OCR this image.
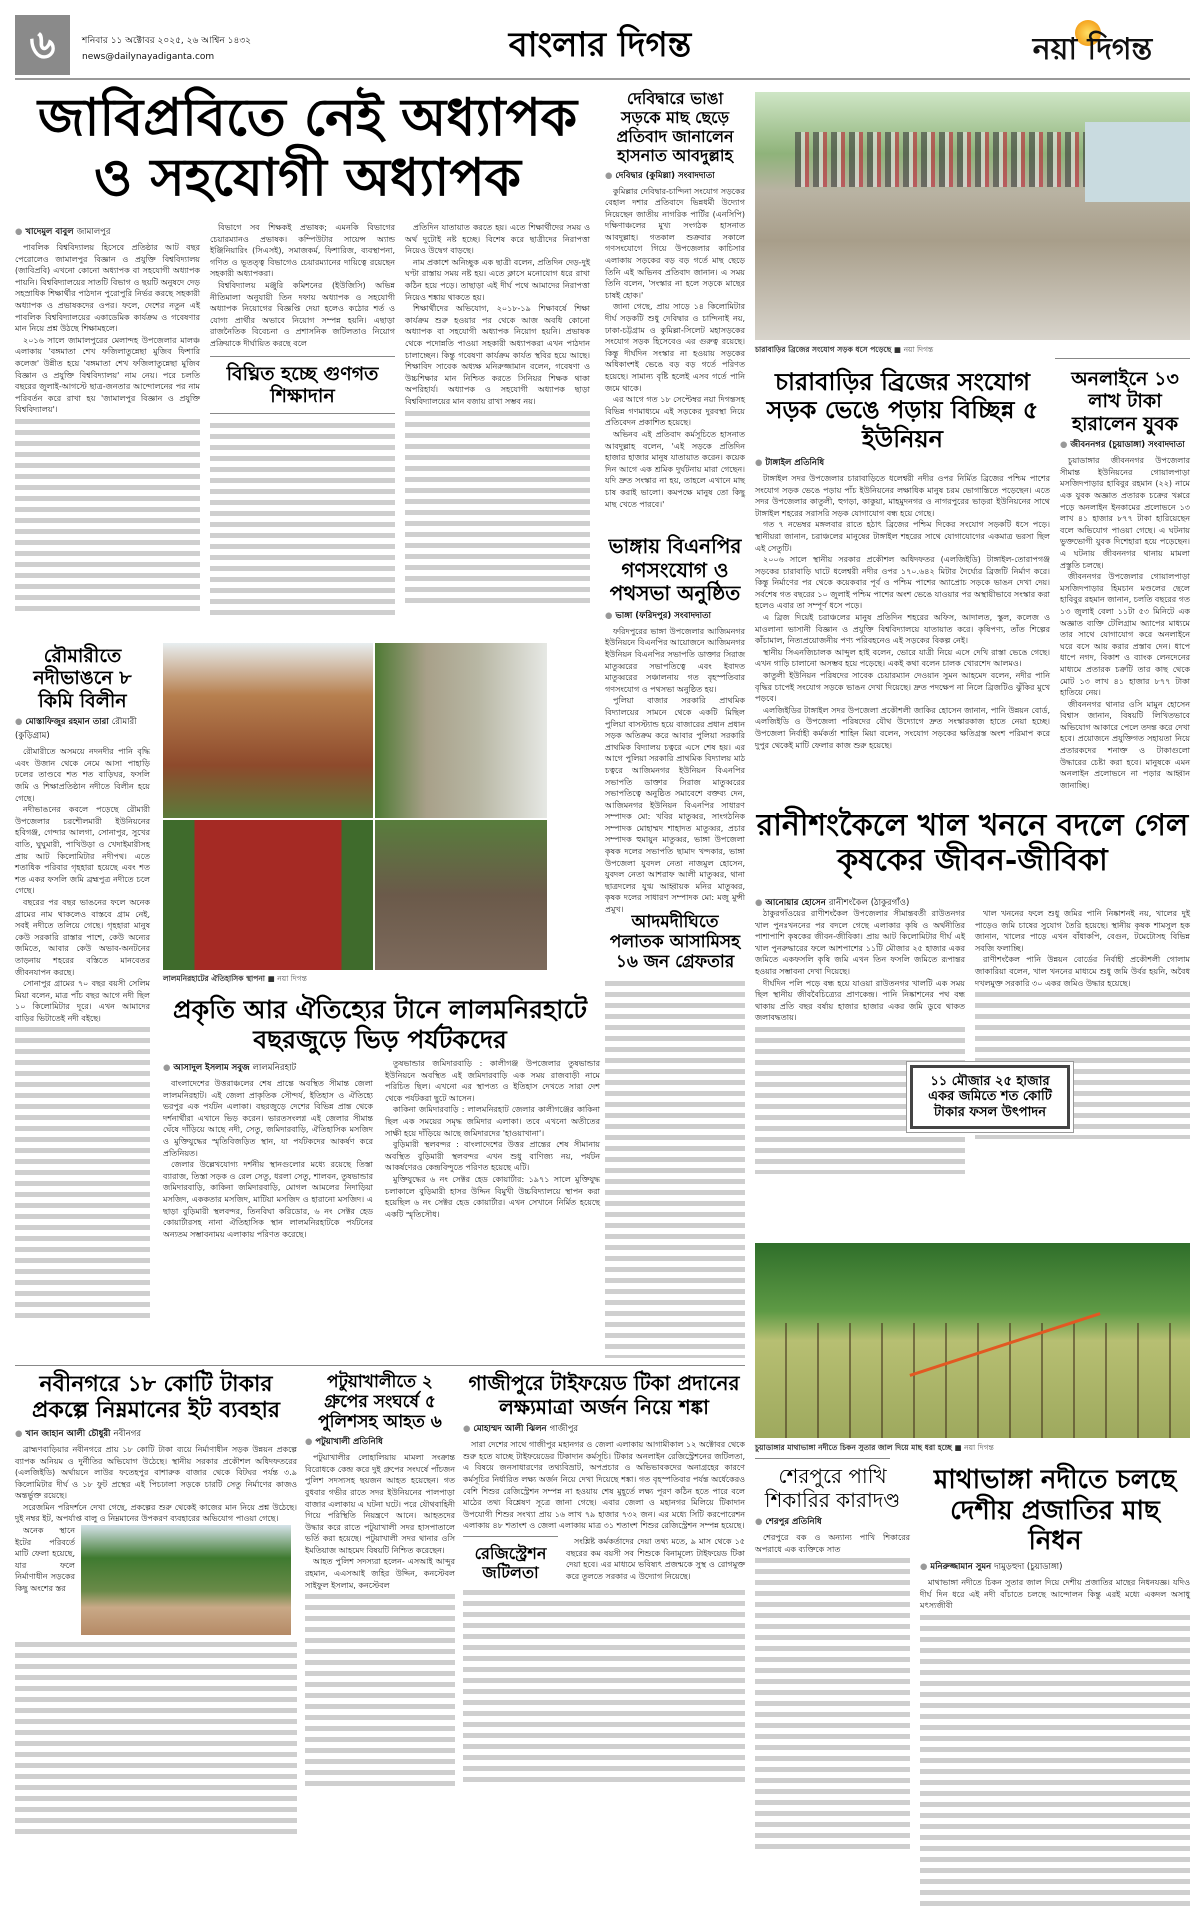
৬	শনিবার ১১ অক্টোবর ২০২৫, ২৬ আশ্বিন ১৪৩২
news@dailynayadiganta.com	বাংলার দিগন্ত	নয়া দিগন্ত
জাবিপ্রবিতে নেই অধ্যাপক ও সহযোগী অধ্যাপক
● খাদেমুল বাবুল জামালপুর

পাবলিক বিশ্ববিদ্যালয় হিসেবে প্রতিষ্ঠার আট বছর পেরোলেও জামালপুর বিজ্ঞান ও প্রযুক্তি বিশ্ববিদ্যালয় (জাবিপ্রবি) এখনো কোনো অধ্যাপক বা সহযোগী অধ্যাপক পায়নি। বিশ্ববিদ্যালয়ের সাতটি বিভাগ ও ছয়টি অনুষদে দেড় সহস্রাধিক শিক্ষার্থীর পাঠদান পুরোপুরি নির্ভর করছে সহকারী অধ্যাপক ও প্রভাষকদের ওপর। ফলে, দেশের নতুন এই পাবলিক বিশ্ববিদ্যালয়ের একাডেমিক কার্যক্রম ও গবেষণার মান নিয়ে প্রশ্ন উঠছে শিক্ষামহলে।

২০১৬ সালে জামালপুরের মেলান্দহ উপজেলার মালঞ্চ এলাকায় 'বঙ্গমাতা শেখ ফজিলাতুন্নেছা মুজিব ফিশারি কলেজ' উন্নীত হয়ে 'বঙ্গমাতা শেখ ফজিলাতুন্নেছা মুজিব বিজ্ঞান ও প্রযুক্তি বিশ্ববিদ্যালয়' নাম নেয়। পরে চলতি বছরের জুলাই-আগস্টে ছাত্র-জনতার আন্দোলনের পর নাম পরিবর্তন করে রাখা হয় 'জামালপুর বিজ্ঞান ও প্রযুক্তি বিশ্ববিদ্যালয়'।

বিভাগে সব শিক্ষকই প্রভাষক; এমনকি বিভাগের চেয়ারম্যানও প্রভাষক। কম্পিউটার সায়েন্স অ্যান্ড ইঞ্জিনিয়ারিং (সিএসই), সমাজকর্ম, ফিশারিজ, ব্যবস্থাপনা, গণিত ও ভূতত্ত্ব বিভাগেও চেয়ারম্যানের দায়িত্বে রয়েছেন সহকারী অধ্যাপকরা।

বিশ্ববিদ্যালয় মঞ্জুরি কমিশনের (ইউজিসি) অভিন্ন নীতিমালা অনুযায়ী তিন দফায় অধ্যাপক ও সহযোগী অধ্যাপক নিয়োগের বিজ্ঞপ্তি দেয়া হলেও কঠোর শর্ত ও যোগ্য প্রার্থীর অভাবে নিয়োগ সম্পন্ন হয়নি। এছাড়া রাজনৈতিক বিবেচনা ও প্রশাসনিক জটিলতাও নিয়োগ প্রক্রিয়াকে দীর্ঘায়িত করছে বলে

বিঘ্নিত হচ্ছে গুণগত শিক্ষাদান

প্রতিদিন যাতায়াত করতে হয়। এতে শিক্ষার্থীদের সময় ও অর্থ দুটোই নষ্ট হচ্ছে। বিশেষ করে ছাত্রীদের নিরাপত্তা নিয়েও উদ্বেগ বাড়ছে।

নাম প্রকাশে অনিচ্ছুক এক ছাত্রী বলেন, প্রতিদিন দেড়-দুই ঘণ্টা রাস্তায় সময় নষ্ট হয়। এতে ক্লাসে মনোযোগ ধরে রাখা কঠিন হয়ে পড়ে। তাছাড়া এই দীর্ঘ পথে আমাদের নিরাপত্তা নিয়েও শঙ্কায় থাকতে হয়।

শিক্ষার্থীদের অভিযোগ, ২০১৮-১৯ শিক্ষাবর্ষে শিক্ষা কার্যক্রম শুরু হওয়ার পর থেকে আজ অবধি কোনো অধ্যাপক বা সহযোগী অধ্যাপক নিয়োগ হয়নি। প্রভাষক থেকে পদোন্নতি পাওয়া সহকারী অধ্যাপকরা এখন পাঠদান চালাচ্ছেন। কিন্তু গবেষণা কার্যক্রম কার্যত স্থবির হয়ে আছে। শিক্ষাবিদ সাবেক অধ্যক্ষ মনিরুজ্জামান বলেন, গবেষণা ও উচ্চশিক্ষার মান নিশ্চিত করতে সিনিয়র শিক্ষক থাকা অপরিহার্য। অধ্যাপক ও সহযোগী অধ্যাপক ছাড়া বিশ্ববিদ্যালয়ের মান বজায় রাখা সম্ভব নয়।

দেবিদ্বারে ভাঙা সড়কে মাছ ছেড়ে প্রতিবাদ জানালেন হাসনাত আবদুল্লাহ
● দেবিদ্বার (কুমিল্লা) সংবাদদাতা

কুমিল্লার দেবিদ্বার-চান্দিনা সংযোগ সড়কের বেহাল দশার প্রতিবাদে ভিন্নধর্মী উদ্যোগ নিয়েছেন জাতীয় নাগরিক পার্টির (এনসিপি) দক্ষিণাঞ্চলের মুখ্য সংগঠক হাসনাত আবদুল্লাহ। গতকাল শুক্রবার সকালে গণসংযোগে গিয়ে উপজেলার কাচিসার এলাকায় সড়কের বড় বড় গর্তে মাছ ছেড়ে তিনি এই অভিনব প্রতিবাদ জানান। এ সময় তিনি বলেন, 'সংস্কার না হলে সড়কে মাছের চাষই হোক।'

জানা গেছে, প্রায় সাড়ে ১৪ কিলোমিটার দীর্ঘ সড়কটি শুধু দেবিদ্বার ও চান্দিনাই নয়, ঢাকা-চট্টগ্রাম ও কুমিল্লা-সিলেট মহাসড়কের সংযোগ সড়ক হিসেবেও এর গুরুত্ব রয়েছে। কিন্তু দীর্ঘদিন সংস্কার না হওয়ায় সড়কের অধিকাংশই ভেঙে বড় বড় গর্তে পরিণত হয়েছে। সামান্য বৃষ্টি হলেই এসব গর্তে পানি জমে থাকে।

এর আগে গত ১৮ সেপ্টেম্বর নয়া দিগন্তসহ বিভিন্ন গণমাধ্যমে এই সড়কের দুরবস্থা নিয়ে প্রতিবেদন প্রকাশিত হয়েছে।

অভিনব এই প্রতিবাদ কর্মসূচিতে হাসনাত আবদুল্লাহ বলেন, 'এই সড়কে প্রতিদিন হাজার হাজার মানুষ যাতায়াত করেন। কয়েক দিন আগে এক শ্রমিক দুর্ঘটনায় মারা গেছেন। যদি দ্রুত সংস্কার না হয়, তাহলে এখানে মাছ চাষ করাই ভালো। কমপক্ষে মানুষ তো কিছু মাছ খেতে পারবে।'

ভাঙ্গায় বিএনপির গণসংযোগ ও পথসভা অনুষ্ঠিত
● ভাঙ্গা (ফরিদপুর) সংবাদদাতা

ফরিদপুরের ভাঙ্গা উপজেলার আজিমনগর ইউনিয়নে বিএনপির আয়োজনে আজিমনগর ইউনিয়ন বিএনপির সভাপতি ডাক্তার সিরাজ মাতুব্বরের সভাপতিত্বে এবং ইবাদত মাতুব্বরের সঞ্চালনায় গত বৃহস্পতিবার গণসংযোগ ও পথসভা অনুষ্ঠিত হয়।

পুলিয়া বাজার সরকারি প্রাথমিক বিদ্যালয়ের সামনে থেকে একটি মিছিল পুলিয়া বাসস্ট্যান্ড হয়ে বাজারের প্রধান প্রধান সড়ক অতিক্রম করে আবার পুলিয়া সরকারি প্রাথমিক বিদ্যালয় চত্বরে এসে শেষ হয়। এর আগে পুলিয়া সরকারি প্রাথমিক বিদ্যালয় মাঠ চত্বরে আজিমনগর ইউনিয়ন বিএনপির সভাপতি ডাক্তার সিরাজ মাতুব্বরের সভাপতিত্বে অনুষ্ঠিত সমাবেশে বক্তব্য দেন, আজিমনগর ইউনিয়ন বিএনপির সাধারণ সম্পাদক মো: খবির মাতুব্বর, সাংগঠনিক সম্পাদক মোহাম্মদ শাহাদত মাতুব্বর, প্রচার সম্পাদক হুমায়ুন মাতুব্বর, ভাঙ্গা উপজেলা কৃষক দলের সভাপতি ছামাদ খন্দকার, ভাঙ্গা উপজেলা যুবদল নেতা নাজমুল হোসেন, যুবদল নেতা আশরাফ আলী মাতুব্বর, থানা ছাত্রদলের যুগ্ম আহ্বায়ক মনির মাতুব্বর, কৃষক দলের সাধারণ সম্পাদক মো: মজু মুন্সী প্রমুখ।

আদমদীঘিতে পলাতক আসামিসহ ১৬ জন গ্রেফতার
চারাবাড়ির ব্রিজের সংযোগ সড়ক ধসে পড়েছে ■ নয়া দিগন্ত
চারাবাড়ির ব্রিজের সংযোগ সড়ক ভেঙে পড়ায় বিচ্ছিন্ন ৫ ইউনিয়ন
● টাঙ্গাইল প্রতিনিধি

টাঙ্গাইল সদর উপজেলার চারাবাড়িতে ধলেশ্বরী নদীর ওপর নির্মিত ব্রিজের পশ্চিম পাশের সংযোগ সড়ক ভেঙে পড়ায় পাঁচ ইউনিয়নের লক্ষাধিক মানুষ চরম ভোগান্তিতে পড়েছেন। এতে সদর উপজেলার কাতুলী, হুগড়া, কাকুয়া, মাহমুদনগর ও নাগরপুরের ভাড়রা ইউনিয়নের সাথে টাঙ্গাইল শহরের সরাসরি সড়ক যোগাযোগ বন্ধ হয়ে গেছে।

গত ৭ নভেম্বর মঙ্গলবার রাতে হঠাৎ ব্রিজের পশ্চিম দিকের সংযোগ সড়কটি ধসে পড়ে। স্থানীয়রা জানান, চরাঞ্চলের মানুষের টাঙ্গাইল শহরের সাথে যোগাযোগের একমাত্র ভরসা ছিল এই সেতুটি।

২০০৬ সালে স্থানীয় সরকার প্রকৌশল অধিদফতর (এলজিইডি) টাঙ্গাইল-তোরাপগঞ্জ সড়কের চারাবাড়ি ঘাটে ধলেশ্বরী নদীর ওপর ১৭০.৬৪২ মিটার দৈর্ঘ্যের ব্রিজটি নির্মাণ করে। কিন্তু নির্মাণের পর থেকে কয়েকবার পূর্ব ও পশ্চিম পাশের অ্যাপ্রোচ সড়কে ভাঙন দেখা দেয়। সর্বশেষ গত বছরের ১০ জুলাই পশ্চিম পাশের অংশ ভেঙে যাওয়ার পর অস্থায়ীভাবে সংস্কার করা হলেও এবার তা সম্পূর্ণ ধসে পড়ে।

এ ব্রিজ দিয়েই চরাঞ্চলের মানুষ প্রতিদিন শহরের অফিস, আদালত, স্কুল, কলেজ ও মাওলানা ভাসানী বিজ্ঞান ও প্রযুক্তি বিশ্ববিদ্যালয়ে যাতায়াত করে। কৃষিপণ্য, তাঁত শিল্পের কাঁচামাল, নিত্যপ্রয়োজনীয় পণ্য পরিবহনেও এই সড়কের বিকল্প নেই।

স্থানীয় সিএনজিচালক আব্দুল হাই বলেন, ভোরে যাত্রী নিয়ে এসে দেখি রাস্তা ভেঙে গেছে। এখন গাড়ি চালানো অসম্ভব হয়ে পড়েছে। একই কথা বলেন চালক খোরশেদ আলমও।

কাতুলী ইউনিয়ন পরিষদের সাবেক চেয়ারম্যান দেওয়ান সুমন আহমেদ বলেন, নদীর পানি বৃদ্ধির চাপেই সংযোগ সড়কে ভাঙন দেখা দিয়েছে। দ্রুত পদক্ষেপ না নিলে ব্রিজটিও ঝুঁকির মুখে পড়বে।

এলজিইডির টাঙ্গাইল সদর উপজেলা প্রকৌশলী জাকির হোসেন জানান, পানি উন্নয়ন বোর্ড, এলজিইডি ও উপজেলা পরিষদের যৌথ উদ্যোগে দ্রুত সংস্কারকাজ হাতে নেয়া হচ্ছে। উপজেলা নির্বাহী কর্মকর্তা শাহিন মিয়া বলেন, সংযোগ সড়কের ক্ষতিগ্রস্ত অংশ পরিমাপ করে দুপুর থেকেই মাটি ফেলার কাজ শুরু হয়েছে।

অনলাইনে ১৩ লাখ টাকা হারালেন যুবক
● জীবননগর (চুয়াডাঙ্গা) সংবাদদাতা

চুয়াডাঙ্গার জীবননগর উপজেলার সীমান্ত ইউনিয়নের গোয়ালপাড়া মসজিদপাড়ার হাবিবুর রহমান (২২) নামে এক যুবক অজ্ঞাত প্রতারক চক্রের খপ্পরে পড়ে অনলাইন ইনকামের প্রলোভনে ১৩ লাখ ৪১ হাজার ৮৭৭ টাকা হারিয়েছেন বলে অভিযোগ পাওয়া গেছে। এ ঘটনায় ভুক্তভোগী যুবক দিশেহারা হয়ে পড়েছেন। এ ঘটনায় জীবননগর থানায় মামলা প্রস্তুতি চলছে।

জীবননগর উপজেলার গোয়ালপাড়া মসজিদপাড়ার হিমচান মণ্ডলের ছেলে হাবিবুর রহমান জানান, চলতি বছরের গত ১৩ জুলাই বেলা ১১টা ৫৩ মিনিটে এক অজ্ঞাত ব্যক্তি টেলিগ্রাম অ্যাপের মাধ্যমে তার সাথে যোগাযোগ করে অনলাইনে ঘরে বসে আয় করার প্রস্তাব দেন। ধাপে ধাপে নগদ, বিকাশ ও ব্যাংক লেনদেনের মাধ্যমে প্রতারক চক্রটি তার কাছ থেকে মোট ১৩ লাখ ৪১ হাজার ৮৭৭ টাকা হাতিয়ে নেয়।

জীবননগর থানার ওসি মামুন হোসেন বিশ্বাস জানান, বিষয়টি লিখিতভাবে অভিযোগ আকারে পেলে তদন্ত করে দেখা হবে। প্রয়োজনে প্রযুক্তিগত সহায়তা নিয়ে প্রতারকদের শনাক্ত ও টাকাগুলো উদ্ধারের চেষ্টা করা হবে। মানুষকে এমন অনলাইন প্রলোভনে না পড়ার আহ্বান জানাচ্ছি।

রানীশংকৈলে খাল খননে বদলে গেল কৃষকের জীবন-জীবিকা
● আনোয়ার হোসেন রানীশংকৈল (ঠাকুরগাঁও)

ঠাকুরগাঁওয়ের রাণীশংকৈল উপজেলার সীমান্তবর্তী রাউতনগর খাল পুনঃখননের পর বদলে গেছে এলাকার কৃষি ও অর্থনীতির পাশাপাশি কৃষকের জীবন-জীবিকা। প্রায় আট কিলোমিটার দীর্ঘ এই খাল পুনরুদ্ধারের ফলে আশপাশের ১১টি মৌজার ২৫ হাজার একর জমিতে একফসলি কৃষি জমি এখন তিন ফসলি জমিতে রূপান্তর হওয়ার সম্ভাবনা দেখা দিয়েছে।

দীর্ঘদিন পলি পড়ে বন্ধ হয়ে যাওয়া রাউতনগর খালটি এক সময় ছিল স্থানীয় জীববৈচিত্র্যের প্রাণকেন্দ্র। পানি নিষ্কাশনের পথ বন্ধ থাকায় প্রতি বছর বর্ষায় হাজার হাজার একর জমি ডুবে থাকত জলাবদ্ধতায়।

খাল খননের ফলে শুধু জমির পানি নিষ্কাশনই নয়, খালের দুই পাড়েও জমি চাষের সুযোগ তৈরি হয়েছে। স্থানীয় কৃষক শামসুল হক জানান, খালের পাড়ে এখন বাঁধাকপি, বেগুন, টমেটোসহ বিভিন্ন সবজি ফলাচ্ছি।

রাণীশংকৈল পানি উন্নয়ন বোর্ডের নির্বাহী প্রকৌশলী গোলাম জাকারিয়া বলেন, খাল খননের মাধ্যমে শুধু জমি উর্বর হয়নি, অবৈধ দখলমুক্ত সরকারি ৩০ একর জমিও উদ্ধার হয়েছে।

১১ মৌজার ২৫ হাজার একর জমিতে শত কোটি টাকার ফসল উৎপাদন
চুয়াডাঙ্গার মাথাভাঙ্গা নদীতে চিকন সুতার জাল দিয়ে মাছ ধরা হচ্ছে ■ নয়া দিগন্ত
শেরপুরে পাখি শিকারির কারাদণ্ড
● শেরপুর প্রতিনিধি

শেরপুরে বক ও অন্যান্য পাখি শিকারের অপরাধে এক ব্যক্তিকে সাত

মাথাভাঙ্গা নদীতে চলছে দেশীয় প্রজাতির মাছ নিধন
● মনিরুজ্জামান সুমন দামুড়হুদা (চুয়াডাঙ্গা)

মাথাভাঙ্গা নদীতে চিকন সুতার জাল দিয়ে দেশীয় প্রজাতির মাছের নিধনযজ্ঞ। যদিও দীর্ঘ দিন ধরে এই নদী বাঁচাতে চলছে আন্দোলন কিন্তু এরই মধ্যে একদল অসাধু মৎস্যজীবী

রৌমারীতে নদীভাঙনে ৮ কিমি বিলীন
● মোস্তাফিজুর রহমান তারা রৌমারী (কুড়িগ্রাম)

রৌমারীতে অসময়ে নদনদীর পানি বৃদ্ধি এবং উজান থেকে নেমে আসা পাহাড়ি ঢলের তাণ্ডবে শত শত বাড়িঘর, ফসলি জমি ও শিক্ষাপ্রতিষ্ঠান নদীতে বিলীন হয়ে গেছে।

নদীভাঙনের কবলে পড়েছে রৌমারী উপজেলার চরশৌলমারী ইউনিয়নের হবিগঞ্জ, গেন্দার আলগা, সোনাপুর, সুখের বাতি, ঘুঘুমারী, পাখিউড়া ও খেদাইমারীসহ প্রায় আট কিলোমিটার নদীপথ। এতে শতাধিক পরিবার গৃহহারা হয়েছে এবং শত শত একর ফসলি জমি ব্রহ্মপুত্র নদীতে চলে গেছে।

বছরের পর বছর ভাঙনের ফলে অনেক গ্রামের নাম থাকলেও বাস্তবে গ্রাম নেই, সবই নদীতে তলিয়ে গেছে। গৃহহারা মানুষ কেউ সরকারি রাস্তার পাশে, কেউ অন্যের জমিতে, আবার কেউ অভাব-অনটনের তাড়নায় শহরের বস্তিতে মানবেতর জীবনযাপন করছে।

সোনাপুর গ্রামের ৭০ বছর বয়সী সেলিম মিয়া বলেন, মাত্র পাঁচ বছর আগে নদী ছিল ১০ কিলোমিটার দূরে। এখন আমাদের বাড়ির ভিটাতেই নদী বইছে।

লালমনিরহাটের ঐতিহাসিক স্থাপনা ■ নয়া দিগন্ত
প্রকৃতি আর ঐতিহ্যের টানে লালমনিরহাটে বছরজুড়ে ভিড় পর্যটকদের
● আসাদুল ইসলাম সবুজ লালমনিরহাট

বাংলাদেশের উত্তরাঞ্চলের শেষ প্রান্তে অবস্থিত সীমান্ত জেলা লালমনিরহাট। এই জেলা প্রাকৃতিক সৌন্দর্য, ইতিহাস ও ঐতিহ্যে ভরপুর এক পর্যটন এলাকা। বছরজুড়ে দেশের বিভিন্ন প্রান্ত থেকে দর্শনার্থীরা এখানে ভিড় করেন। ভারতসংলগ্ন এই জেলার সীমান্ত ঘেঁষে দাঁড়িয়ে আছে নদী, সেতু, জমিদারবাড়ি, ঐতিহাসিক মসজিদ ও মুক্তিযুদ্ধের স্মৃতিবিজড়িত স্থান, যা পর্যটকদের আকর্ষণ করে প্রতিনিয়ত।

জেলার উল্লেখযোগ্য দর্শনীয় স্থানগুলোর মধ্যে রয়েছে তিস্তা ব্যারাজ, তিস্তা সড়ক ও রেল সেতু, ধরলা সেতু, শালবন, তুষভান্ডার জমিদারবাড়ি, কাকিনা জমিদারবাড়ি, মোগল আমলের নিদাড়িয়া মসজিদ, এককতার মসজিদ, মাটিয়া মসজিদ ও হারানো মসজিদ। এ ছাড়া বুড়িমারী স্থলবন্দর, তিনবিঘা করিডোর, ৬ নং সেক্টর হেড কোয়ার্টারসহ নানা ঐতিহাসিক স্থান লালমনিরহাটকে পর্যটনের অন্যতম সম্ভাবনাময় এলাকায় পরিণত করেছে।

তুষভান্ডার জমিদারবাড়ি : কালীগঞ্জ উপজেলার তুষভান্ডার ইউনিয়নে অবস্থিত এই জমিদারবাড়ি এক সময় রাজবাড়ী নামে পরিচিত ছিল। এখনো এর স্থাপত্য ও ইতিহাস দেখতে সারা দেশ থেকে পর্যটকরা ছুটে আসেন।

কাকিনা জমিদারবাড়ি : লালমনিরহাট জেলার কালীগঞ্জের কাকিনা ছিল এক সময়ের সমৃদ্ধ জমিদার এলাকা। তবে এখনো অতীতের সাক্ষী হয়ে দাঁড়িয়ে আছে জমিদারদের 'হাওয়াখানা'।

বুড়িমারী স্থলবন্দর : বাংলাদেশের উত্তর প্রান্তের শেষ সীমানায় অবস্থিত বুড়িমারী স্থলবন্দর এখন শুধু বাণিজ্য নয়, পর্যটন আকর্ষণেরও কেন্দ্রবিন্দুতে পরিণত হয়েছে এটি।

মুক্তিযুদ্ধের ৬ নং সেক্টর হেড কোয়ার্টার: ১৯৭১ সালে মুক্তিযুদ্ধ চলাকালে বুড়িমারী হাসর উদ্দিন বিমুখী উচ্চবিদ্যালয়ে স্থাপন করা হয়েছিল ৬ নং সেক্টর হেড কোয়ার্টার। এখন সেখানে নির্মিত হয়েছে একটি স্মৃতিসৌধ।

নবীনগরে ১৮ কোটি টাকার প্রকল্পে নিম্নমানের ইট ব্যবহার
● খান জাহান আলী চৌধুরী নবীনগর

ব্রাহ্মণবাড়িয়ার নবীনগরে প্রায় ১৮ কোটি টাকা ব্যয়ে নির্মাণাধীন সড়ক উন্নয়ন প্রকল্পে ব্যাপক অনিয়ম ও দুর্নীতির অভিযোগ উঠেছে। স্থানীয় সরকার প্রকৌশল অধিদফতরের (এলজিইডি) অর্থায়নে লাউর ফতেহপুর বাশারুক বাজার থেকে বিটঘর পর্যন্ত ৩.৯ কিলোমিটার দীর্ঘ ও ১৮ ফুট প্রস্থের এই পিচঢালা সড়কে চারটি সেতু নির্মাণের কাজও অন্তর্ভুক্ত রয়েছে।

সরেজমিন পরিদর্শনে দেখা গেছে, প্রকল্পের শুরু থেকেই কাজের মান নিয়ে প্রশ্ন উঠেছে। দুই নম্বর ইট, অপর্যাপ্ত বালু ও নিম্নমানের উপকরণ ব্যবহারের অভিযোগ পাওয়া গেছে।

অনেক স্থানে ইটের পরিবর্তে মাটি ফেলা হয়েছে, যার ফলে নির্মাণাধীন সড়কের কিছু অংশের স্তর

পটুয়াখালীতে ২ গ্রুপের সংঘর্ষে ৫ পুলিশসহ আহত ৬
● পটুয়াখালী প্রতিনিধি

পটুয়াখালীর লোহালিয়ায় মামলা সংক্রান্ত বিরোধকে কেন্দ্র করে দুই গ্রুপের সংঘর্ষে পাঁচজন পুলিশ সদস্যসহ ছয়জন আহত হয়েছেন। গত বুধবার গভীর রাতে সদর ইউনিয়নের পালপাড়া বাজার এলাকায় এ ঘটনা ঘটে। পরে যৌথবাহিনী গিয়ে পরিস্থিতি নিয়ন্ত্রণে আনে। আহতদের উদ্ধার করে রাতে পটুয়াখালী সদর হাসপাতালে ভর্তি করা হয়েছে। পটুয়াখালী সদর থানার ওসি ইমতিয়াজ আহমেদ বিষয়টি নিশ্চিত করেছেন।

আহত পুলিশ সদস্যরা হলেন- এসআই আব্দুর রহমান, এএসআই জহির উদ্দিন, কনস্টেবল সাইফুল ইসলাম, কনস্টেবল

গাজীপুরে টাইফয়েড টিকা প্রদানের লক্ষ্যমাত্রা অর্জন নিয়ে শঙ্কা
● মোহাম্মদ আলী ঝিলন গাজীপুর

সারা দেশের সাথে গাজীপুর মহানগর ও জেলা এলাকায় আগামীকাল ১২ অক্টোবর থেকে শুরু হতে যাচ্ছে টাইফয়েডের টিকাদান কর্মসূচি। টিকার অনলাইন রেজিস্ট্রেশনের জটিলতা, এ বিষয়ে জনসাধারণের তথ্যবিভ্রাট, অপপ্রচার ও অভিভাবকদের অনাগ্রহের কারণে কর্মসূচির নির্ধারিত লক্ষ্য অর্জন নিয়ে দেখা দিয়েছে শঙ্কা। গত বৃহস্পতিবার পর্যন্ত অর্ধেকেরও বেশি শিশুর রেজিস্ট্রেশন সম্পন্ন না হওয়ায় শেষ মুহূর্তে লক্ষ্য পূরণ কঠিন হতে পারে বলে মাঠের তথ্য বিশ্লেষণ সূত্রে জানা গেছে। এবার জেলা ও মহানগর মিলিয়ে টিকাদান উপযোগী শিশুর সংখ্যা প্রায় ১৬ লাখ ৭৯ হাজার ৭৩২ জন। এর মধ্যে সিটি করপোরেশন এলাকায় ৪৮ শতাংশ ও জেলা এলাকায় মাত্র ৩১ শতাংশ শিশুর রেজিস্ট্রেশন সম্পন্ন হয়েছে।

রেজিস্ট্রেশন জটিলতা

সংশ্লিষ্ট কর্মকর্তাদের দেয়া তথ্য মতে, ৯ মাস থেকে ১৫ বছরের কম বয়সী সব শিশুকে বিনামূল্যে টাইফয়েড টিকা দেয়া হবে। এর মাধ্যমে ভবিষ্যৎ প্রজন্মকে সুস্থ ও রোগমুক্ত করে তুলতে সরকার এ উদ্যোগ নিয়েছে।
